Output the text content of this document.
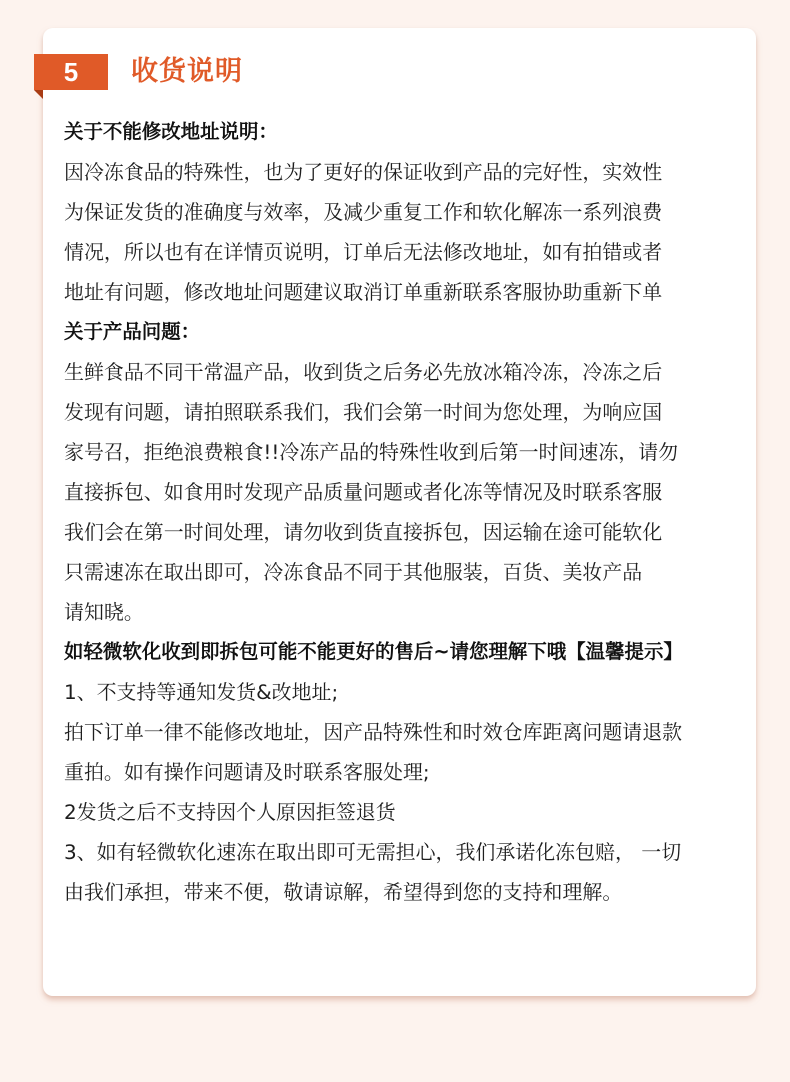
5	收货说明
关于不能修改地址说明：
因冷冻食品的特殊性，也为了更好的保证收到产品的完好性，实效性
为保证发货的准确度与效率，及减少重复工作和软化解冻一系列浪费
情况，所以也有在详情页说明，订单后无法修改地址，如有拍错或者
地址有问题，修改地址问题建议取消订单重新联系客服协助重新下单
关于产品问题：
生鲜食品不同干常温产品，收到货之后务必先放冰箱冷冻，冷冻之后
发现有问题，请拍照联系我们，我们会第一时间为您处理，为响应国
家号召，拒绝浪费粮食!!冷冻产品的特殊性收到后第一时间速冻，请勿
直接拆包、如食用时发现产品质量问题或者化冻等情况及时联系客服
我们会在第一时间处理，请勿收到货直接拆包，因运输在途可能软化
只需速冻在取出即可，冷冻食品不同于其他服装，百货、美妆产品
请知晓。
如轻微软化收到即拆包可能不能更好的售后~请您理解下哦【温馨提示】
1、不支持等通知发货&改地址;
拍下订单一律不能修改地址，因产品特殊性和时效仓库距离问题请退款
重拍。如有操作问题请及时联系客服处理;
2发货之后不支持因个人原因拒签退货
3、如有轻微软化速冻在取出即可无需担心，我们承诺化冻包赔， 一切
由我们承担，带来不便，敬请谅解，希望得到您的支持和理解。
